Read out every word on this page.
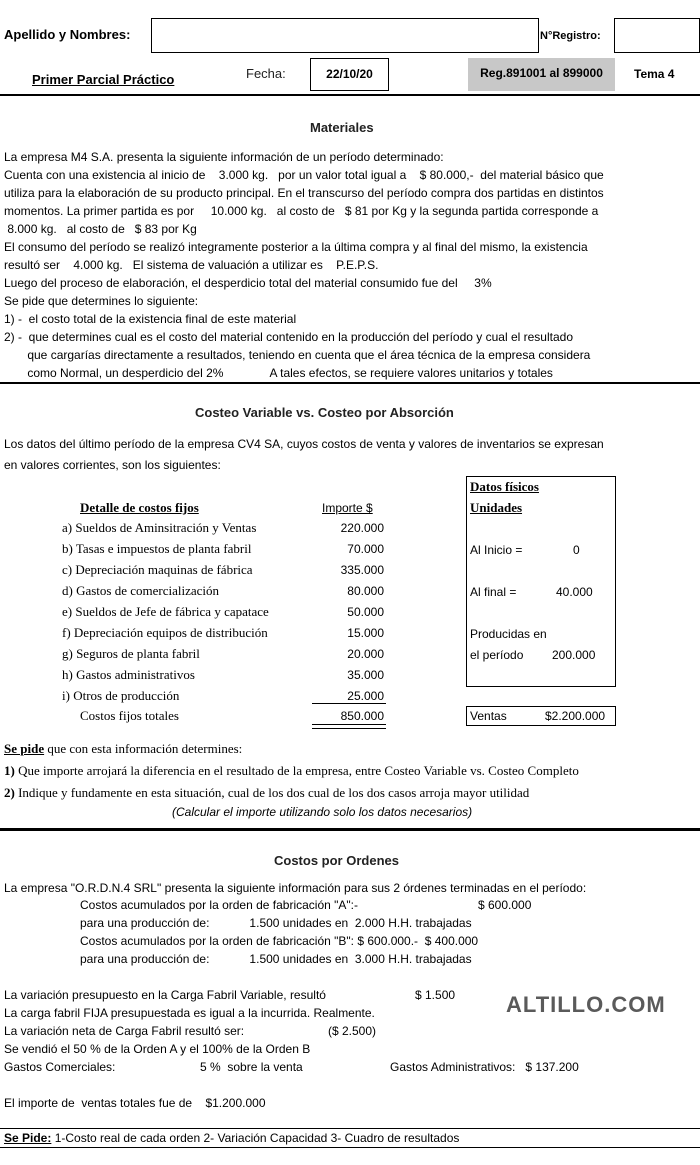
Apellido y Nombres:	N°Registro:
Primer Parcial Práctico	Fecha:	22/10/20	Reg.891001 al 899000	Tema 4
Materiales
La empresa M4 S.A. presenta la siguiente información de un período determinado:
Cuenta con una existencia al inicio de    3.000 kg.   por un valor total igual a    $ 80.000,-  del material básico que
utiliza para la elaboración de su producto principal. En el transcurso del período compra dos partidas en distintos
momentos. La primer partida es por     10.000 kg.   al costo de   $ 81 por Kg y la segunda partida corresponde a
8.000 kg.   al costo de   $ 83 por Kg
El consumo del período se realizó integramente posterior a la última compra y al final del mismo, la existencia
resultó ser    4.000 kg.   El sistema de valuación a utilizar es    P.E.P.S.
Luego del proceso de elaboración, el desperdicio total del material consumido fue del     3%
Se pide que determines lo siguiente:
1) -  el costo total de la existencia final de este material
2) -  que determines cual es el costo del material contenido en la producción del período y cual el resultado
que cargarías directamente a resultados, teniendo en cuenta que el área técnica de la empresa considera
como Normal, un desperdicio del 2%              A tales efectos, se requiere valores unitarios y totales
Costeo Variable vs. Costeo por Absorción
Los datos del último período de la empresa CV4 SA, cuyos costos de venta y valores de inventarios se expresan
en valores corrientes, son los siguientes:
Detalle de costos fijos	Importe $
a) Sueldos de Aminsitración y Ventas	220.000
b) Tasas e impuestos de planta fabril	70.000
c) Depreciación maquinas de fábrica	335.000
d) Gastos de comercialización	80.000
e) Sueldos de Jefe de fábrica y capatace	50.000
f) Depreciación equipos de distribución	15.000
g) Seguros de planta fabril	20.000
h) Gastos administrativos	35.000
i) Otros de producción	25.000
Costos fijos totales	850.000
Datos físicos
Unidades
Al Inicio =	0
Al final =	40.000
Producidas en
el período 200.000
Ventas	$2.200.000
Se pide que con esta información determines:
1) Que importe arrojará la diferencia en el resultado de la empresa, entre Costeo Variable vs. Costeo Completo
2) Indique y fundamente en esta situación, cual de los dos cual de los dos casos arroja mayor utilidad
(Calcular el importe utilizando solo los datos necesarios)
Costos por Ordenes
La empresa "O.R.D.N.4 SRL" presenta la siguiente información para sus 2 órdenes terminadas en el período:
Costos acumulados por la orden de fabricación "A":-	$ 600.000
para una producción de:            1.500 unidades en  2.000 H.H. trabajadas
Costos acumulados por la orden de fabricación "B": $ 600.000.-  $ 400.000
para una producción de:            1.500 unidades en  3.000 H.H. trabajadas
La variación presupuesto en la Carga Fabril Variable, resultó	$ 1.500
La carga fabril FIJA presupuestada es igual a la incurrida. Realmente.
La variación neta de Carga Fabril resultó ser:	($ 2.500)
Se vendió el 50 % de la Orden A y el 100% de la Orden B
Gastos Comerciales:	5 %  sobre la venta	Gastos Administrativos:   $ 137.200
El importe de  ventas totales fue de    $1.200.000
ALTILLO.COM
Se Pide: 1-Costo real de cada orden 2- Variación Capacidad 3- Cuadro de resultados
